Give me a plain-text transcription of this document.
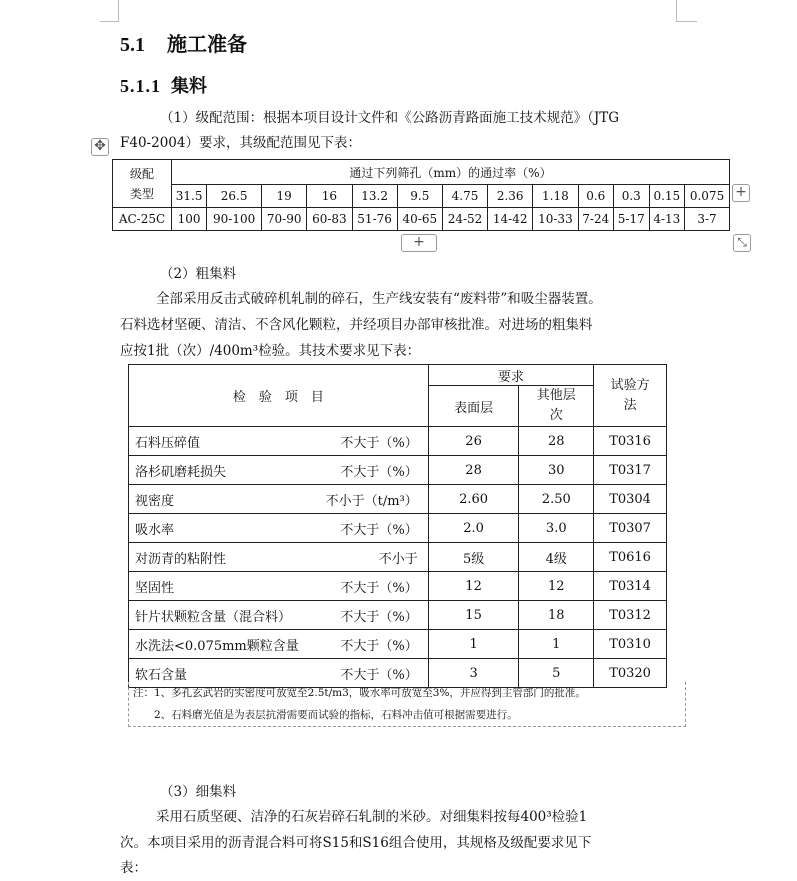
5.1 施工准备
5.1.1 集料

（1）级配范围：根据本项目设计文件和《公路沥青路面施工技术规范》（JTG

F40-2004）要求，其级配范围见下表：

✥
级配
类型	通过下列筛孔（mm）的通过率（%）												
	31.5	26.5	19	16	13.2	9.5	4.75	2.36	1.18	0.6	0.3	0.15	0.075
AC-25C	100	90-100	70-90	60-83	51-76	40-65	24-52	14-42	10-33	7-24	5-17	4-13	3-7
+
+	⤡

（2）粗集料

全部采用反击式破碎机轧制的碎石，生产线安装有“废料带”和吸尘器装置。

石料选材坚硬、清洁、不含风化颗粒，并经项目办部审核批准。对进场的粗集料

应按1批（次）/400m³检验。其技术要求见下表：

检　验　项　目	要求		试验方
法
	表面层	其他层
次	
石料压碎值 不大于（%）	26	28	T0316
洛杉矶磨耗损失 不大于（%）	28	30	T0317
视密度 不小于（t/m³）	2.60	2.50	T0304
吸水率 不大于（%）	2.0	3.0	T0307
对沥青的粘附性 不小于	5级	4级	T0616
坚固性 不大于（%）	12	12	T0314
针片状颗粒含量（混合料） 不大于（%）	15	18	T0312
水洗法<0.075mm颗粒含量 不大于（%）	1	1	T0310
软石含量 不大于（%）	3	5	T0320
注：1、多孔玄武岩的实密度可放宽至2.5t/m3，吸水率可放宽至3%，并应得到主管部门的批准。
　　2、石料磨光值是为表层抗滑需要而试验的指标，石料冲击值可根据需要进行。

（3）细集料

采用石质坚硬、洁净的石灰岩碎石轧制的米砂。对细集料按每400³检验1

次。本项目采用的沥青混合料可将S15和S16组合使用，其规格及级配要求见下

表：
